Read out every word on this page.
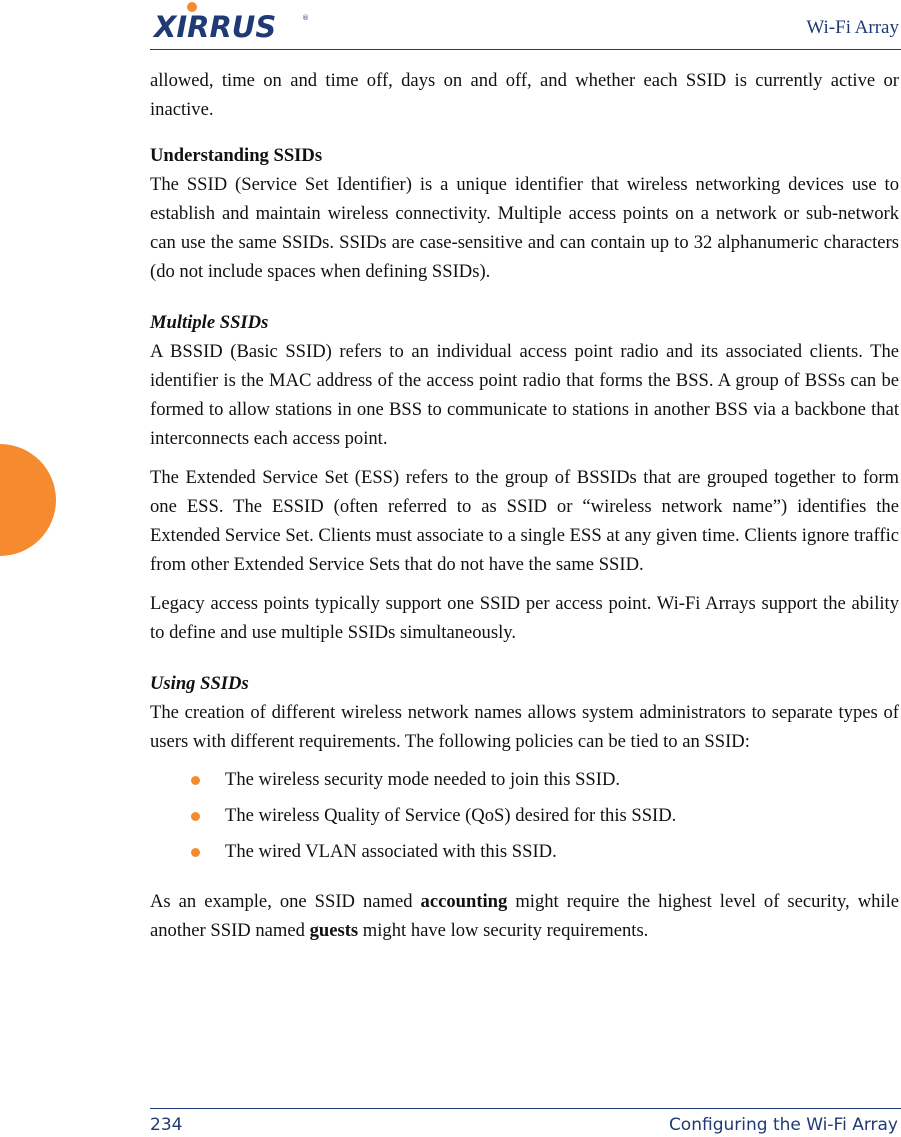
XIRRUS	®	Wi-Fi Array

allowed, time on and time off, days on and off, and whether each SSID is currently active or inactive.

Understanding SSIDs

The SSID (Service Set Identifier) is a unique identifier that wireless networking devices use to establish and maintain wireless connectivity. Multiple access points on a network or sub-network can use the same SSIDs. SSIDs are case-sensitive and can contain up to 32 alphanumeric characters (do not include spaces when defining SSIDs).

Multiple SSIDs

A BSSID (Basic SSID) refers to an individual access point radio and its associated clients. The identifier is the MAC address of the access point radio that forms the BSS. A group of BSSs can be formed to allow stations in one BSS to communicate to stations in another BSS via a backbone that interconnects each access point.

The Extended Service Set (ESS) refers to the group of BSSIDs that are grouped together to form one ESS. The ESSID (often referred to as SSID or “wireless network name”) identifies the Extended Service Set. Clients must associate to a single ESS at any given time. Clients ignore traffic from other Extended Service Sets that do not have the same SSID.

Legacy access points typically support one SSID per access point. Wi-Fi Arrays support the ability to define and use multiple SSIDs simultaneously.

Using SSIDs

The creation of different wireless network names allows system administrators to separate types of users with different requirements. The following policies can be tied to an SSID:

The wireless security mode needed to join this SSID.
The wireless Quality of Service (QoS) desired for this SSID.
The wired VLAN associated with this SSID.

As an example, one SSID named accounting might require the highest level of security, while another SSID named guests might have low security requirements.

234	Configuring the Wi-Fi Array
